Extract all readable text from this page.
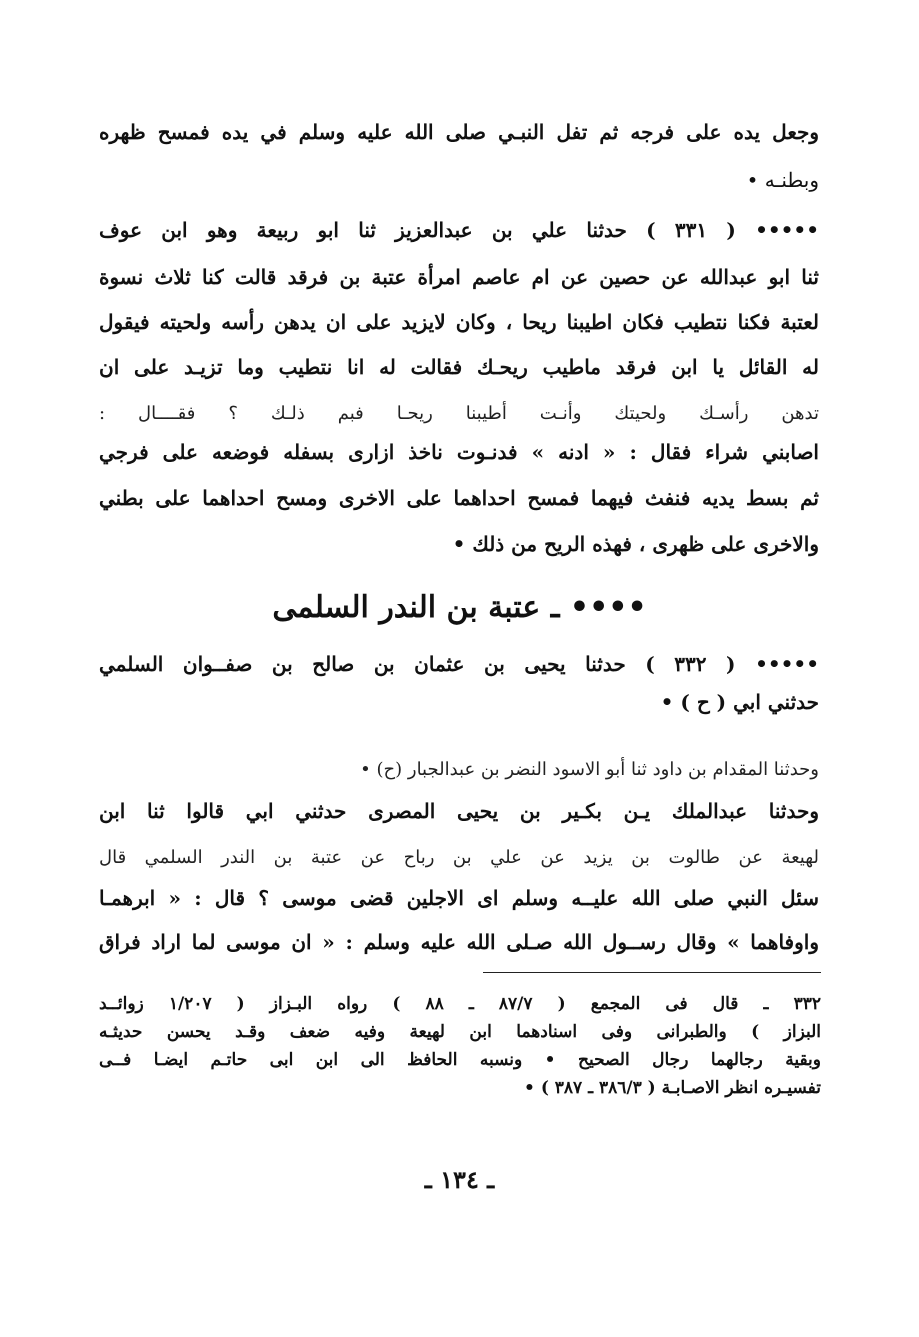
وجعل يده على فرجه ثم تفل النبـي صلى الله عليه وسلم في يده فمسح ظهره
وبطنـه •
••••• ( ٣٣١ ) حدثنا علي بن عبدالعزيز ثنا ابو ربيعة وهو ابن عوف
ثنا ابو عبدالله عن حصين عن ام عاصم امرأة عتبة بن فرقد قالت كنا ثلاث نسوة
لعتبة فكنا نتطيب فكان اطيبنا ريحا ، وكان لايزيد على ان يدهن رأسه ولحيته فيقول
له القائل يا ابن فرقد ماطيب ريحـك فقالت له انا نتطيب وما تزيـد على ان
تدهن رأسـك ولحيتك وأنـت أطيبنا ريحـا فبم ذلـك ؟ فقــــال :
اصابني شراء فقال : « ادنه » فدنـوت ناخذ ازارى بسفله فوضعه على فرجي
ثم بسط يديه فنفث فيهما فمسح احداهما على الاخرى ومسح احداهما على بطني
والاخرى على ظهرى ، فهذه الريح من ذلك •
•••• ـ عتبة بن الندر السلمى
••••• ( ٣٣٢ ) حدثنا يحيى بن عثمان بن صالح بن صفــوان السلمي
حدثني ابي ( ح ) •
وحدثنا المقدام بن داود ثنا أبو الاسود النضر بن عبدالجبار (ح) •
وحدثنا عبدالملك يـن بكـير بن يحيى المصرى حدثني ابي قالوا ثنا ابن
لهيعة عن طالوت بن يزيد عن علي بن رباح عن عتبة بن الندر السلمي قال
سئل النبي صلى الله عليــه وسلم اى الاجلين قضى موسى ؟ قال : « ابرهمـا
واوفاهما » وقال رســول الله صـلى الله عليه وسلم : « ان موسى لما اراد فراق
٣٣٢ ـ قال فى المجمع ( ٨٧/٧ ـ ٨٨ ) رواه البـزاز ( ١/٢٠٧ زوائــد
البزاز ) والطبرانى وفى اسنادهما ابن لهيعة وفيه ضعف وقـد يحسن حديثـه
وبقية رجالهما رجال الصحيح • ونسبه الحافظ الى ابن ابى حاتـم ايضـا فــى
تفسيـره انظر الاصـابـة ( ٣٨٦/٣ ـ ٣٨٧ ) •
ـ ١٣٤ ـ
